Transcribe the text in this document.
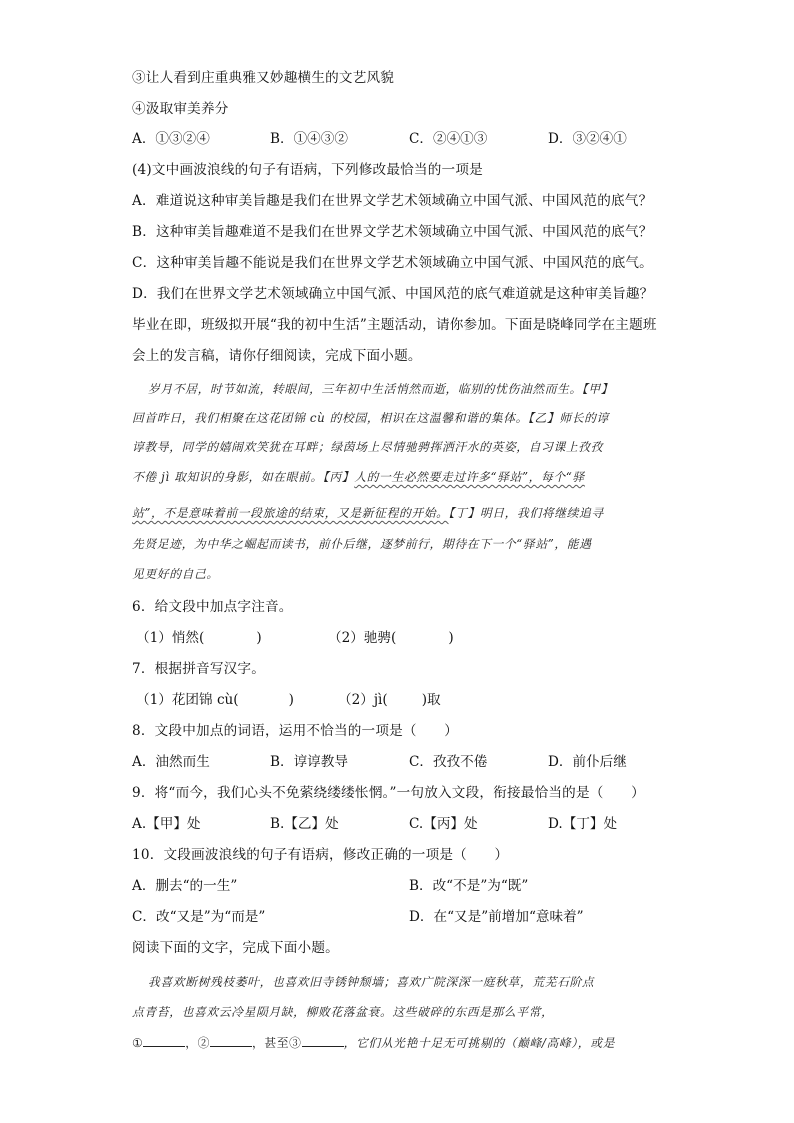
③让人看到庄重典雅又妙趣横生的文艺风貌
④汲取审美养分
A．①③②④	B．①④③②	C．②④①③	D．③②④①
(4)文中画波浪线的句子有语病，下列修改最恰当的一项是
A．难道说这种审美旨趣是我们在世界文学艺术领域确立中国气派、中国风范的底气？
B．这种审美旨趣难道不是我们在世界文学艺术领域确立中国气派、中国风范的底气？
C．这种审美旨趣不能说是我们在世界文学艺术领域确立中国气派、中国风范的底气。
D．我们在世界文学艺术领域确立中国气派、中国风范的底气难道就是这种审美旨趣？
毕业在即，班级拟开展“我的初中生活”主题活动，请你参加。下面是晓峰同学在主题班
会上的发言稿，请你仔细阅读，完成下面小题。
岁月不居，时节如流，转眼间，三年初中生活悄然而逝，临别的忧伤油然而生。【甲】
回首昨日，我们相聚在这花团锦 cù 的校园，相识在这温馨和谐的集体。【乙】师长的谆
谆教导，同学的嬉闹欢笑犹在耳畔；绿茵场上尽情驰骋挥洒汗水的英姿，自习课上孜孜
不倦 jì 取知识的身影，如在眼前。【丙】人的一生必然要走过许多“驿站”，每个“驿
站”，不是意味着前一段旅途的结束，又是新征程的开始。【丁】明日，我们将继续追寻
先贤足迹，为中华之崛起而读书，前仆后继，逐梦前行，期待在下一个“驿站”，能遇
见更好的自己。
6．给文段中加点字注音。
（1）悄然(	)	（2）驰骋(	)
7．根据拼音写汉字。
（1）花团锦 cù(	)	（2）jì(	)取
8．文段中加点的词语，运用不恰当的一项是（　　）
A．油然而生	B．谆谆教导	C．孜孜不倦	D．前仆后继
9．将“而今，我们心头不免萦绕缕缕怅惘。”一句放入文段，衔接最恰当的是（　　）
A.【甲】处	B.【乙】处	C.【丙】处	D.【丁】处
10．文段画波浪线的句子有语病，修改正确的一项是（　　）
A．删去“的一生”	B．改“不是”为“既”
C．改“又是”为“而是”	D．在“又是”前增加“意味着”
阅读下面的文字，完成下面小题。
我喜欢断树残枝萎叶，也喜欢旧寺锈钟颓墙；喜欢广院深深一庭秋草，荒芜石阶点
点青苔，也喜欢云冷星陨月缺，柳败花落盆衰。这些破碎的东西是那么平常，
①	，②	，甚至③	，它们从光艳十足无可挑剔的（巅峰/高峰），或是
